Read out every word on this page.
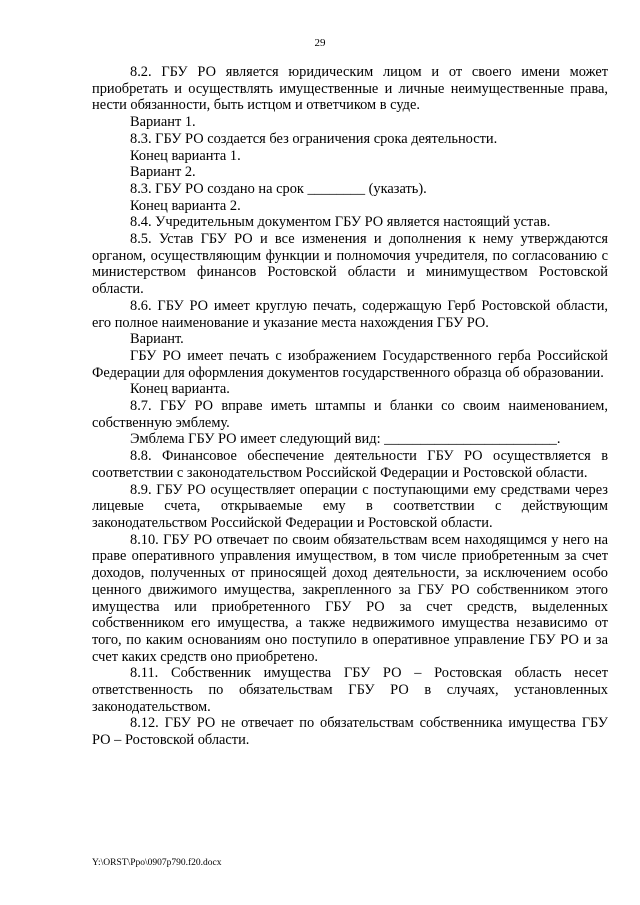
29

8.2. ГБУ РО является юридическим лицом и от своего имени может приобретать и осуществлять имущественные и личные неимущественные права, нести обязанности, быть истцом и ответчиком в суде.

Вариант 1.

8.3. ГБУ РО создается без ограничения срока деятельности.

Конец варианта 1.

Вариант 2.

8.3. ГБУ РО создано на срок ________ (указать).

Конец варианта 2.

8.4. Учредительным документом ГБУ РО является настоящий устав.

8.5. Устав ГБУ РО и все изменения и дополнения к нему утверждаются органом, осуществляющим функции и полномочия учредителя, по согласованию с министерством финансов Ростовской области и минимуществом Ростовской области.

8.6. ГБУ РО имеет круглую печать, содержащую Герб Ростовской области, его полное наименование и указание места нахождения ГБУ РО.

Вариант.

ГБУ РО имеет печать с изображением Государственного герба Российской Федерации для оформления документов государственного образца об образовании.

Конец варианта.

8.7. ГБУ РО вправе иметь штампы и бланки со своим наименованием, собственную эмблему.

Эмблема ГБУ РО имеет следующий вид: ________________________.

8.8. Финансовое обеспечение деятельности ГБУ РО осуществляется в соответствии с законодательством Российской Федерации и Ростовской области.

8.9. ГБУ РО осуществляет операции с поступающими ему средствами через лицевые счета, открываемые ему в соответствии с действующим законодательством Российской Федерации и Ростовской области.

8.10. ГБУ РО отвечает по своим обязательствам всем находящимся у него на праве оперативного управления имуществом, в том числе приобретенным за счет доходов, полученных от приносящей доход деятельности, за исключением особо ценного движимого имущества, закрепленного за ГБУ РО собственником этого имущества или приобретенного ГБУ РО за счет средств, выделенных собственником его имущества, а также недвижимого имущества независимо от того, по каким основаниям оно поступило в оперативное управление ГБУ РО и за счет каких средств оно приобретено.

8.11. Собственник имущества ГБУ РО – Ростовская область несет ответственность по обязательствам ГБУ РО в случаях, установленных законодательством.

8.12. ГБУ РО не отвечает по обязательствам собственника имущества ГБУ РО – Ростовской области.

Y:\ORST\Ppo\0907p790.f20.docx
